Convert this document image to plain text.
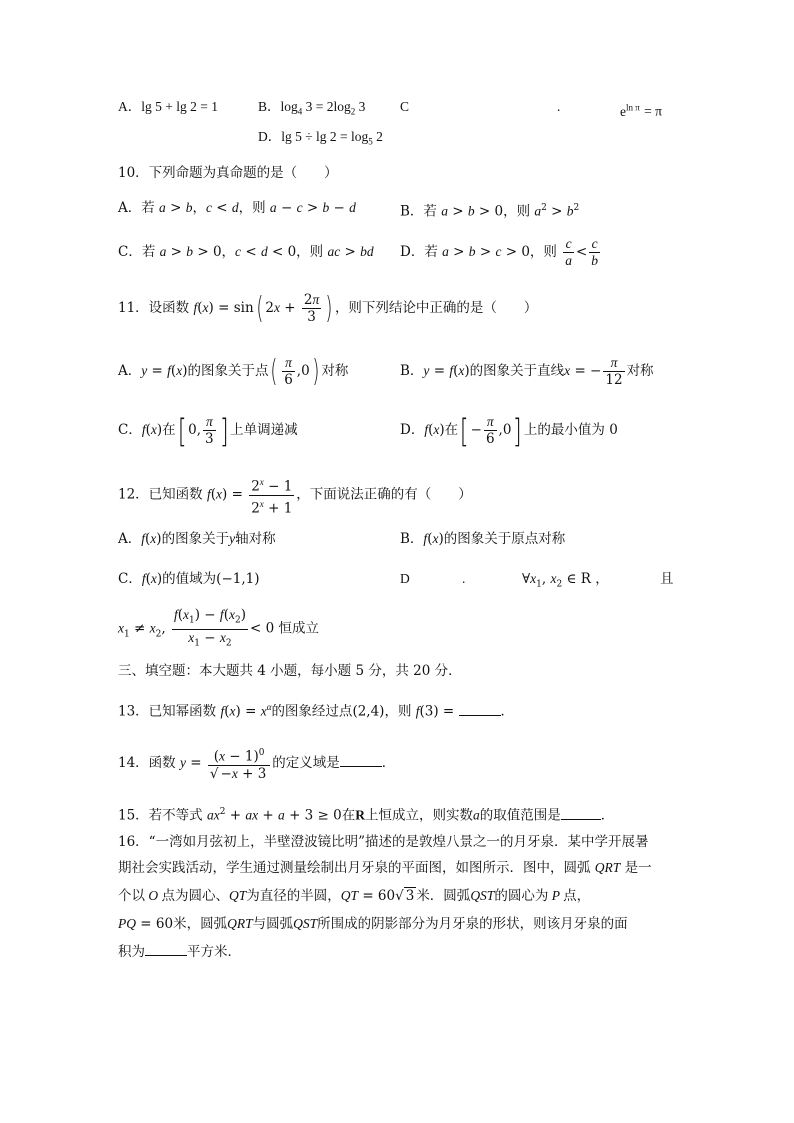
A．lg 5 + lg 2 = 1	B．$\log_4 3 = 2\log_2$ 3	C	.	$e^{ln \pi} = \pi$
D．$\lg 5 \div \lg 2 = \log_5 2$
10．下列命题为真命题的是（　　）
A．若 a > b，c < d，则 a − c > b − d	B．若 a > b > 0，则 $a^2 > b^2$
C．若 a > b > 0，c < d < 0，则 ac > bd D．若 a > b > c > 0，则 $\frac{c}{a} < \frac{c}{b}$
11．设函数 f(x) = sin( $2x + \frac{2\pi}{3}$ ) ，则下列结论中正确的是（　　）
A．y = f(x)的图象关于点( $\frac{\pi}{6} ,0$) 对称	B．y = f(x)的图象关于直线x = − $\frac{\pi}{12}$ 对称
C．f(x)在[ 0, $\frac{\pi}{3}$ ] 上单调递减	D．f(x)在[ − $\frac{\pi}{6} ,0$] 上的最小值为 0
12．已知函数 $f(x) = \frac{2^x - 1}{2^x + 1}$ ，下面说法正确的有（　　）
A．f(x)的图象关于y轴对称	B．f(x)的图象关于原点对称
C．f(x)的值域为(−1,1)	D	.	$\forall x_1$, $x_2$ ∈ R ，	且
$x_1 \ne x_2$, $\frac{f(x_1) - f(x_2)}{x_1 - x_2} < 0$ 恒成立
三、填空题：本大题共 4 小题，每小题 5 分，共 20 分．
13．已知幂函数 $f(x) = x^\alpha$的图象经过点(2,4)，则 f(3) =	．
14．函数 $y = \frac{(x - 1)^0}{√ -x + 3}$ 的定义域是	．
15．若不等式 $ax^2$ + ax + a + 3 ≥ 0在R上恒成立，则实数a的取值范围是	．
16．“一湾如月弦初上，半壁澄波镜比明”描述的是敦煌八景之一的月牙泉．某中学开展暑
期社会实践活动，学生通过测量绘制出月牙泉的平面图，如图所示．图中，圆弧 QRT 是一
个以 O 点为圆心、QT为直径的半圆，QT = 60√ 3 米．圆弧QST的圆心为 P 点，
PQ = 60米，圆弧QRT与圆弧QST所围成的阴影部分为月牙泉的形状，则该月牙泉的面
积为	平方米．
